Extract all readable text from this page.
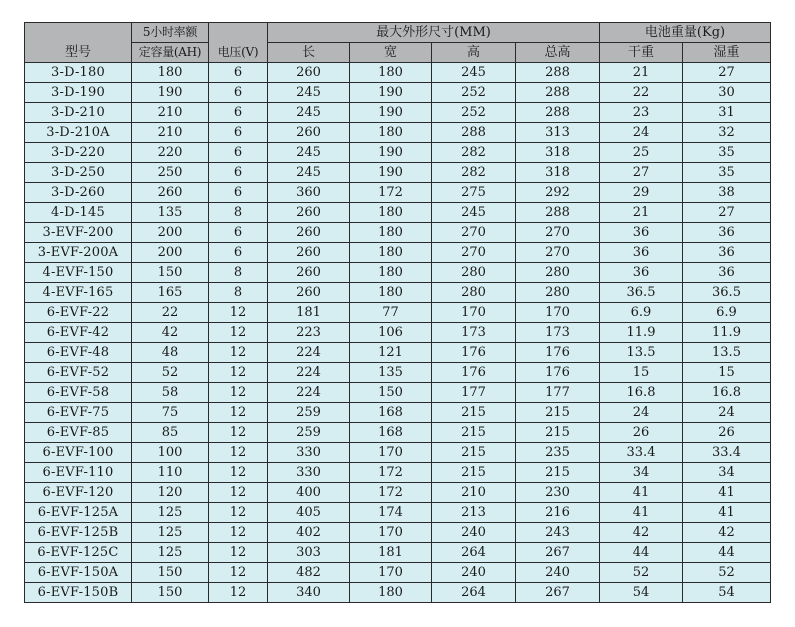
型号	5小时率额	电压(V)	最大外形尺寸(MM)				电池重量(Kg)	
	定容量(AH)		长	宽	高	总高	干重	湿重
3-D-180	180	6	260	180	245	288	21	27
3-D-190	190	6	245	190	252	288	22	30
3-D-210	210	6	245	190	252	288	23	31
3-D-210A	210	6	260	180	288	313	24	32
3-D-220	220	6	245	190	282	318	25	35
3-D-250	250	6	245	190	282	318	27	35
3-D-260	260	6	360	172	275	292	29	38
4-D-145	135	8	260	180	245	288	21	27
3-EVF-200	200	6	260	180	270	270	36	36
3-EVF-200A	200	6	260	180	270	270	36	36
4-EVF-150	150	8	260	180	280	280	36	36
4-EVF-165	165	8	260	180	280	280	36.5	36.5
6-EVF-22	22	12	181	77	170	170	6.9	6.9
6-EVF-42	42	12	223	106	173	173	11.9	11.9
6-EVF-48	48	12	224	121	176	176	13.5	13.5
6-EVF-52	52	12	224	135	176	176	15	15
6-EVF-58	58	12	224	150	177	177	16.8	16.8
6-EVF-75	75	12	259	168	215	215	24	24
6-EVF-85	85	12	259	168	215	215	26	26
6-EVF-100	100	12	330	170	215	235	33.4	33.4
6-EVF-110	110	12	330	172	215	215	34	34
6-EVF-120	120	12	400	172	210	230	41	41
6-EVF-125A	125	12	405	174	213	216	41	41
6-EVF-125B	125	12	402	170	240	243	42	42
6-EVF-125C	125	12	303	181	264	267	44	44
6-EVF-150A	150	12	482	170	240	240	52	52
6-EVF-150B	150	12	340	180	264	267	54	54
